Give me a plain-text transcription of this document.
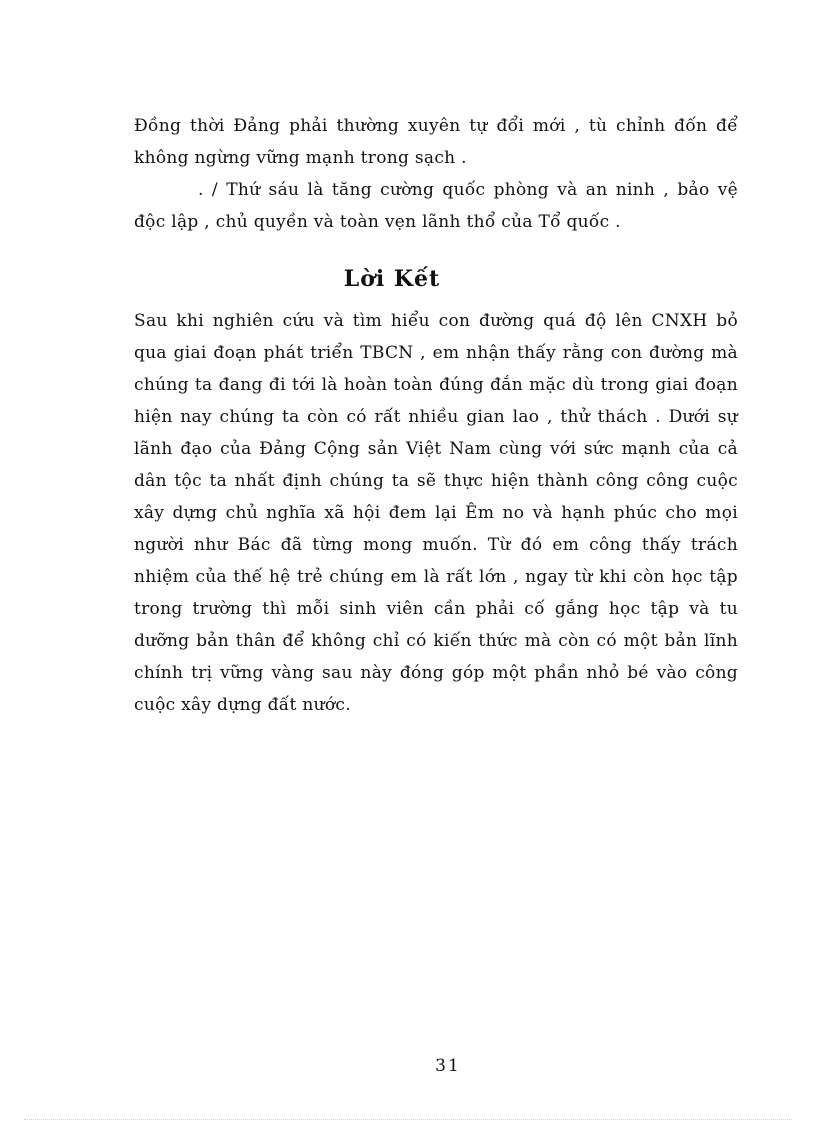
Đồng thời Đảng phải thường xuyên tự đổi mới , tù chỉnh đốn để
không ngừng vững mạnh trong sạch .
. / Thứ sáu là tăng cường quốc phòng và an ninh , bảo vệ
độc lập , chủ quyền và toàn vẹn lãnh thổ của Tổ quốc .
Lời Kết
Sau khi nghiên cứu và tìm hiểu con đường quá độ lên CNXH bỏ
qua giai đoạn phát triển TBCN , em nhận thấy rằng con đường mà
chúng ta đang đi tới là hoàn toàn đúng đắn mặc dù trong giai đoạn
hiện nay chúng ta còn có rất nhiều gian lao , thử thách . Dưới sự
lãnh đạo của Đảng Cộng sản Việt Nam cùng với sức mạnh của cả
dân tộc ta nhất định chúng ta sẽ thực hiện thành công công cuộc
xây dựng chủ nghĩa xã hội đem lại Êm no và hạnh phúc cho mọi
người như Bác đã từng mong muốn. Từ đó em công thấy trách
nhiệm của thế hệ trẻ chúng em là rất lớn , ngay từ khi còn học tập
trong trường thì mỗi sinh viên cần phải cố gắng học tập và tu
dưỡng bản thân để không chỉ có kiến thức mà còn có một bản lĩnh
chính trị vững vàng sau này đóng góp một phần nhỏ bé vào công
cuộc xây dựng đất nước.
31
